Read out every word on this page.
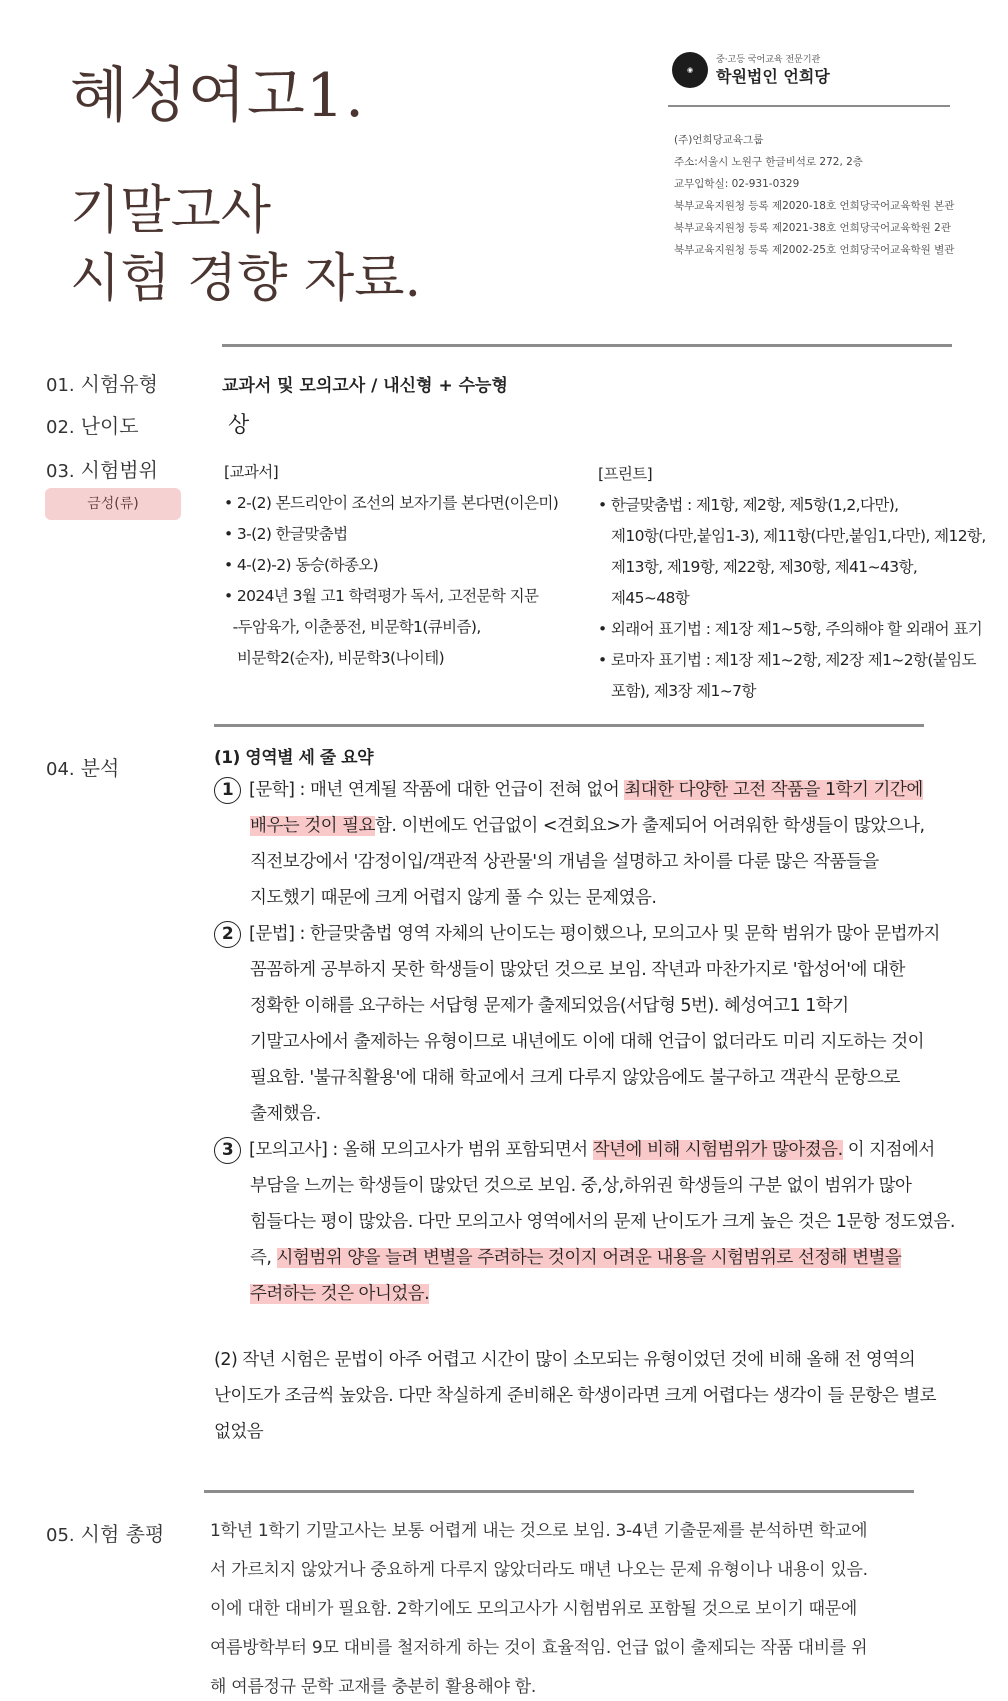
혜성여고1.
기말고사
시험 경향 자료.
◉
중·고등 국어교육 전문기관
학원법인 언희당
(주)언희당교육그룹
주소:서울시 노원구 한글비석로 272, 2층
교무입학실: 02-931-0329
북부교육지원청 등록 제2020-18호 언희당국어교육학원 본관
북부교육지원청 등록 제2021-38호 언희당국어교육학원 2관
북부교육지원청 등록 제2002-25호 언희당국어교육학원 별관
01. 시험유형	교과서 및 모의고사 / 내신형 + 수능형
02. 난이도	상
03. 시험범위
금성(류)
[교과서]
• 2-(2) 몬드리안이 조선의 보자기를 본다면(이은미)
• 3-(2) 한글맞춤법
• 4-(2)-2) 동승(하종오)
• 2024년 3월 고1 학력평가 독서, 고전문학 지문
-두암육가, 이춘풍전, 비문학1(큐비즘),
비문학2(순자), 비문학3(나이테)
[프린트]
• 한글맞춤법 : 제1항, 제2항, 제5항(1,2,다만),
제10항(다만,붙임1-3), 제11항(다만,붙임1,다만), 제12항,
제13항, 제19항, 제22항, 제30항, 제41~43항,
제45~48항
• 외래어 표기법 : 제1장 제1~5항, 주의해야 할 외래어 표기
• 로마자 표기법 : 제1장 제1~2항, 제2장 제1~2항(붙임도
포함), 제3장 제1~7항
04. 분석	(1) 영역별 세 줄 요약
1 [문학] : 매년 연계될 작품에 대한 언급이 전혀 없어 최대한 다양한 고전 작품을 1학기 기간에
배우는 것이 필요함. 이번에도 언급없이 <견회요>가 출제되어 어려워한 학생들이 많았으나,
직전보강에서 '감정이입/객관적 상관물'의 개념을 설명하고 차이를 다룬 많은 작품들을
지도했기 때문에 크게 어렵지 않게 풀 수 있는 문제였음.
2 [문법] : 한글맞춤법 영역 자체의 난이도는 평이했으나, 모의고사 및 문학 범위가 많아 문법까지
꼼꼼하게 공부하지 못한 학생들이 많았던 것으로 보임. 작년과 마찬가지로 '합성어'에 대한
정확한 이해를 요구하는 서답형 문제가 출제되었음(서답형 5번). 혜성여고1 1학기
기말고사에서 출제하는 유형이므로 내년에도 이에 대해 언급이 없더라도 미리 지도하는 것이
필요함. '불규칙활용'에 대해 학교에서 크게 다루지 않았음에도 불구하고 객관식 문항으로
출제했음.
3 [모의고사] : 올해 모의고사가 범위 포함되면서 작년에 비해 시험범위가 많아졌음. 이 지점에서
부담을 느끼는 학생들이 많았던 것으로 보임. 중,상,하위권 학생들의 구분 없이 범위가 많아
힘들다는 평이 많았음. 다만 모의고사 영역에서의 문제 난이도가 크게 높은 것은 1문항 정도였음.
즉, 시험범위 양을 늘려 변별을 주려하는 것이지 어려운 내용을 시험범위로 선정해 변별을
주려하는 것은 아니었음.
(2) 작년 시험은 문법이 아주 어렵고 시간이 많이 소모되는 유형이었던 것에 비해 올해 전 영역의
난이도가 조금씩 높았음. 다만 착실하게 준비해온 학생이라면 크게 어렵다는 생각이 들 문항은 별로
없었음
05. 시험 총평	1학년 1학기 기말고사는 보통 어렵게 내는 것으로 보임. 3-4년 기출문제를 분석하면 학교에
서 가르치지 않았거나 중요하게 다루지 않았더라도 매년 나오는 문제 유형이나 내용이 있음.
이에 대한 대비가 필요함. 2학기에도 모의고사가 시험범위로 포함될 것으로 보이기 때문에
여름방학부터 9모 대비를 철저하게 하는 것이 효율적임. 언급 없이 출제되는 작품 대비를 위
해 여름정규 문학 교재를 충분히 활용해야 함.
